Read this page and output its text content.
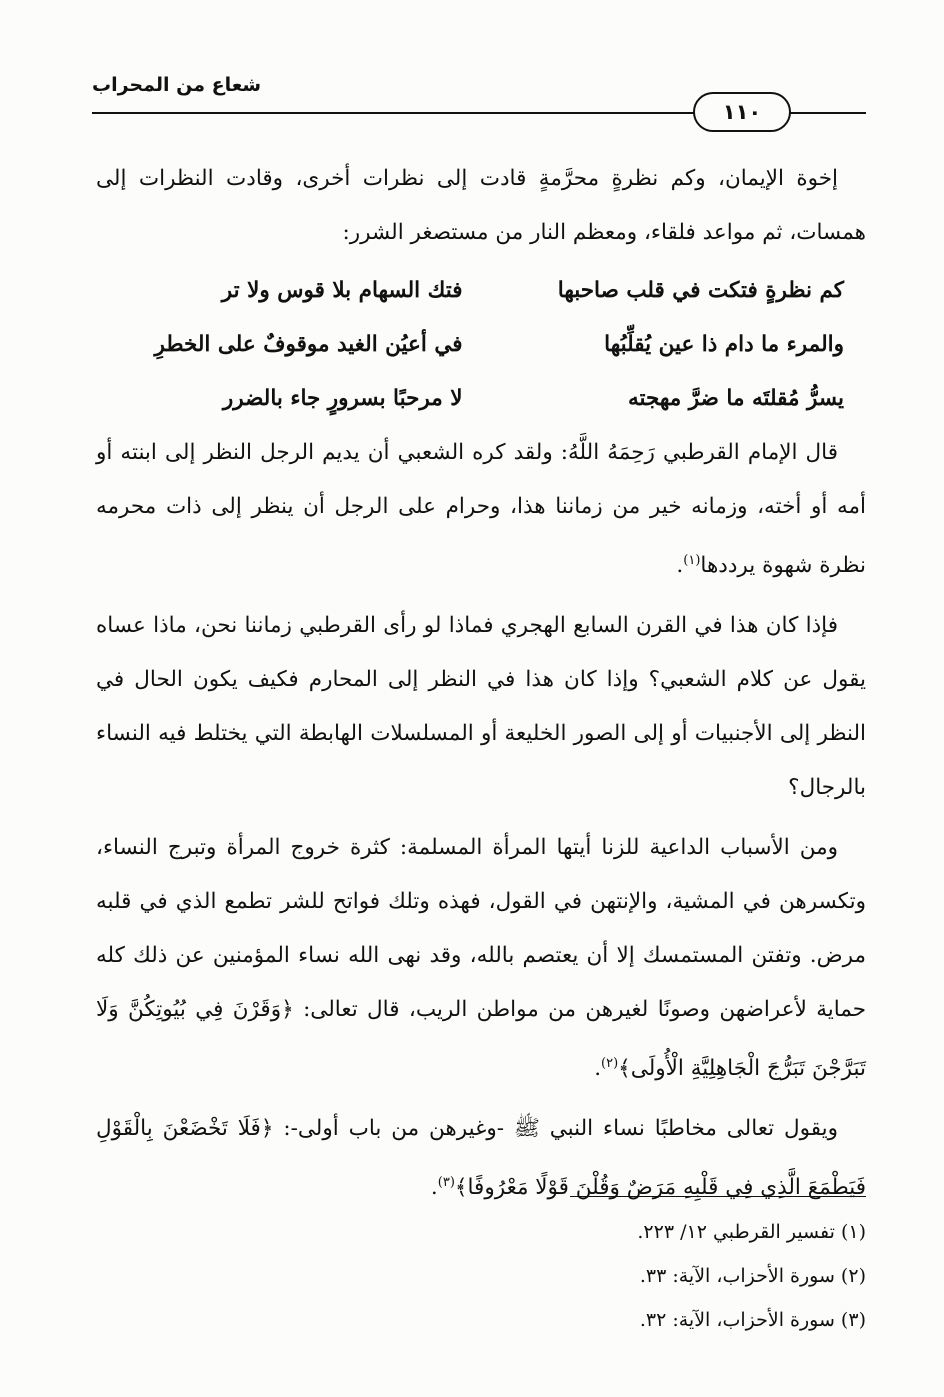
شعاع من المحراب
١١٠

إخوة الإيمان، وكم نظرةٍ محرَّمةٍ قادت إلى نظرات أخرى، وقادت النظرات إلى همسات، ثم مواعد فلقاء، ومعظم النار من مستصغر الشرر:

كم نظرةٍ فتكت في قلب صاحبها
فتك السهام بلا قوس ولا تر
والمرء ما دام ذا عين يُقلِّبُها
في أعيُن الغيد موقوفٌ على الخطرِ
يسرُّ مُقلتَه ما ضرَّ مهجته
لا مرحبًا بسرورٍ جاء بالضرر

قال الإمام القرطبي رَحِمَهُ اللَّهُ: ولقد كره الشعبي أن يديم الرجل النظر إلى ابنته أو أمه أو أخته، وزمانه خير من زماننا هذا، وحرام على الرجل أن ينظر إلى ذات محرمه نظرة شهوة يرددها$^{(١)}$.

فإذا كان هذا في القرن السابع الهجري فماذا لو رأى القرطبي زماننا نحن، ماذا عساه يقول عن كلام الشعبي؟ وإذا كان هذا في النظر إلى المحارم فكيف يكون الحال في النظر إلى الأجنبيات أو إلى الصور الخليعة أو المسلسلات الهابطة التي يختلط فيه النساء بالرجال؟

ومن الأسباب الداعية للزنا أيتها المرأة المسلمة: كثرة خروج المرأة وتبرج النساء، وتكسرهن في المشية، والإنتهن في القول، فهذه وتلك فواتح للشر تطمع الذي في قلبه مرض. وتفتن المستمسك إلا أن يعتصم بالله، وقد نهى الله نساء المؤمنين عن ذلك كله حماية لأعراضهن وصونًا لغيرهن من مواطن الريب، قال تعالى: ﴿وَقَرْنَ فِي بُيُوتِكُنَّ وَلَا تَبَرَّجْنَ تَبَرُّجَ الْجَاهِلِيَّةِ الْأُولَى﴾$^{(٢)}$.

ويقول تعالى مخاطبًا نساء النبي ﷺ -وغيرهن من باب أولى-: ﴿فَلَا تَخْضَعْنَ بِالْقَوْلِ فَيَطْمَعَ الَّذِي فِي قَلْبِهِ مَرَضٌ وَقُلْنَ قَوْلًا مَعْرُوفًا﴾$^{(٣)}$.

(١) تفسير القرطبي ١٢/ ٢٢٣.
(٢) سورة الأحزاب، الآية: ٣٣.
(٣) سورة الأحزاب، الآية: ٣٢.
